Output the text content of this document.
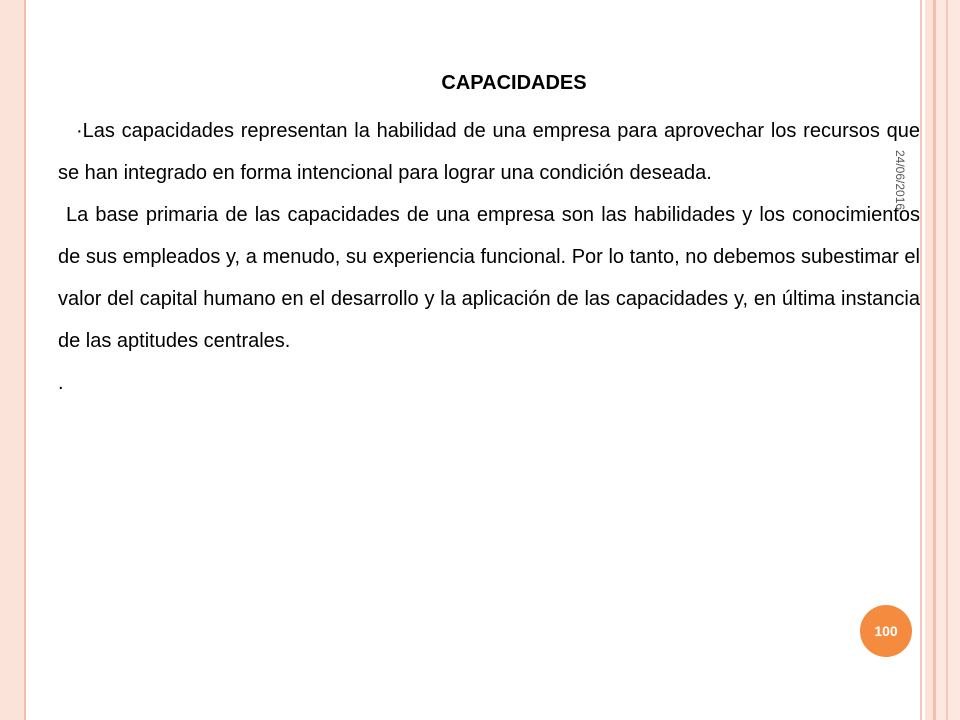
CAPACIDADES

·Las capacidades representan la habilidad de una empresa para aprovechar los recursos que se han integrado en forma intencional para lograr una condición deseada.

La base primaria de las capacidades de una empresa son las habilidades y los conocimientos de sus empleados y, a menudo, su experiencia funcional. Por lo tanto, no debemos subestimar el valor del capital humano en el desarrollo y la aplicación de las capacidades y, en última instancia de las aptitudes centrales.

.

24/06/2016
100
